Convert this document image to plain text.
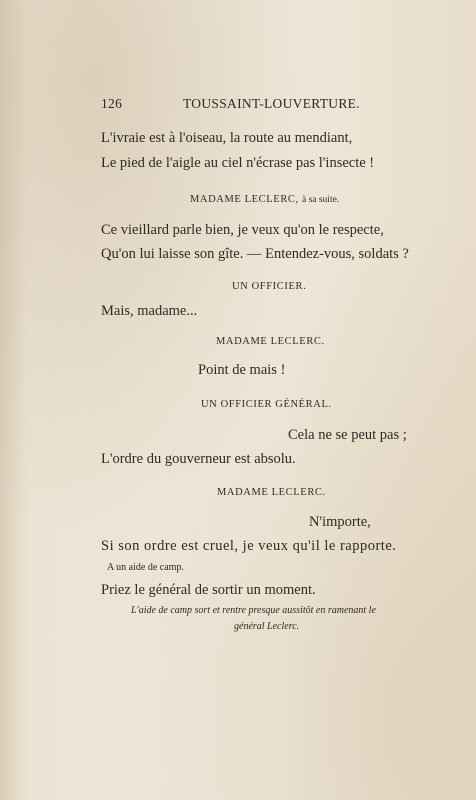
126	TOUSSAINT-LOUVERTURE.
L'ivraie est à l'oiseau, la route au mendiant,
Le pied de l'aigle au ciel n'écrase pas l'insecte !
MADAME LECLERC, à sa suite.
Ce vieillard parle bien, je veux qu'on le respecte,
Qu'on lui laisse son gîte. — Entendez-vous, soldats ?
UN OFFICIER.
Mais, madame...
MADAME LECLERC.
Point de mais !
UN OFFICIER GÉNÉRAL.
Cela ne se peut pas ;
L'ordre du gouverneur est absolu.
MADAME LECLERC.
N'importe,
Si son ordre est cruel, je veux qu'il le rapporte.
A un aide de camp.
Priez le général de sortir un moment.
L'aide de camp sort et rentre presque aussitôt en ramenant le
général Leclerc.
